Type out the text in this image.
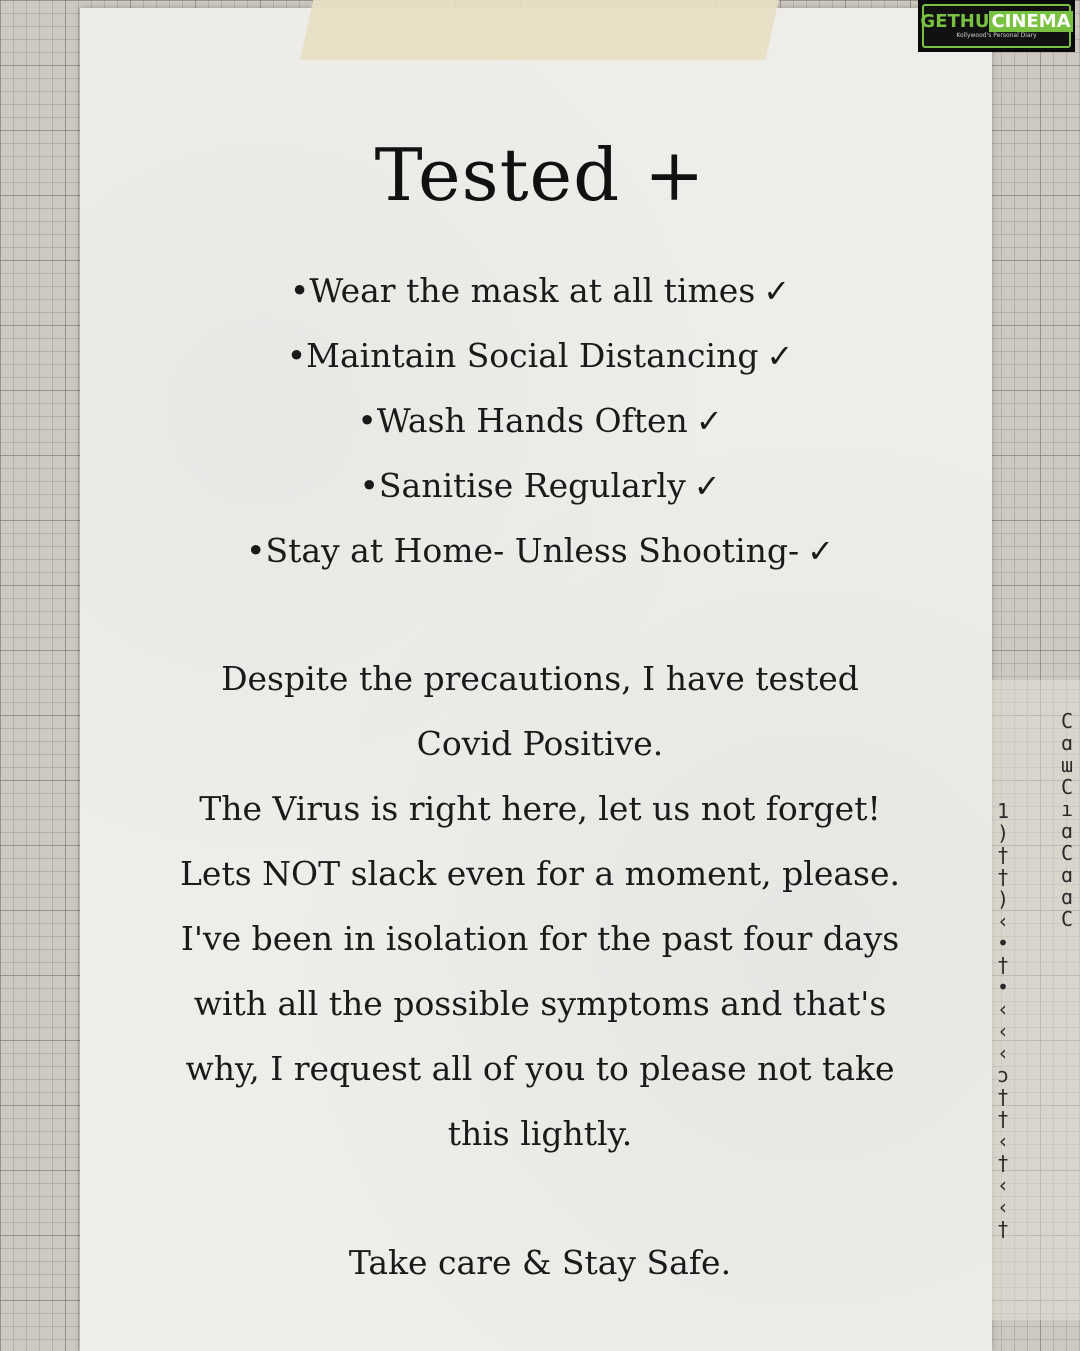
1 ) † † ) ‹ • † • ‹ ‹ ‹ ɔ † † ‹ † ‹ ‹ †
C ɑ ɯ C ı ɑ C ɑ ɑ C
GETHU CINEMA
Kollywood's Personal Diary
Tested +
•Wear the mask at all times ✓
•Maintain Social Distancing ✓
•Wash Hands Often ✓
•Sanitise Regularly ✓
•Stay at Home- Unless Shooting- ✓
Despite the precautions, I have tested
Covid Positive.
The Virus is right here, let us not forget!
Lets NOT slack even for a moment, please.
I've been in isolation for the past four days
with all the possible symptoms and that's
why, I request all of you to please not take
this lightly.
Take care & Stay Safe.
